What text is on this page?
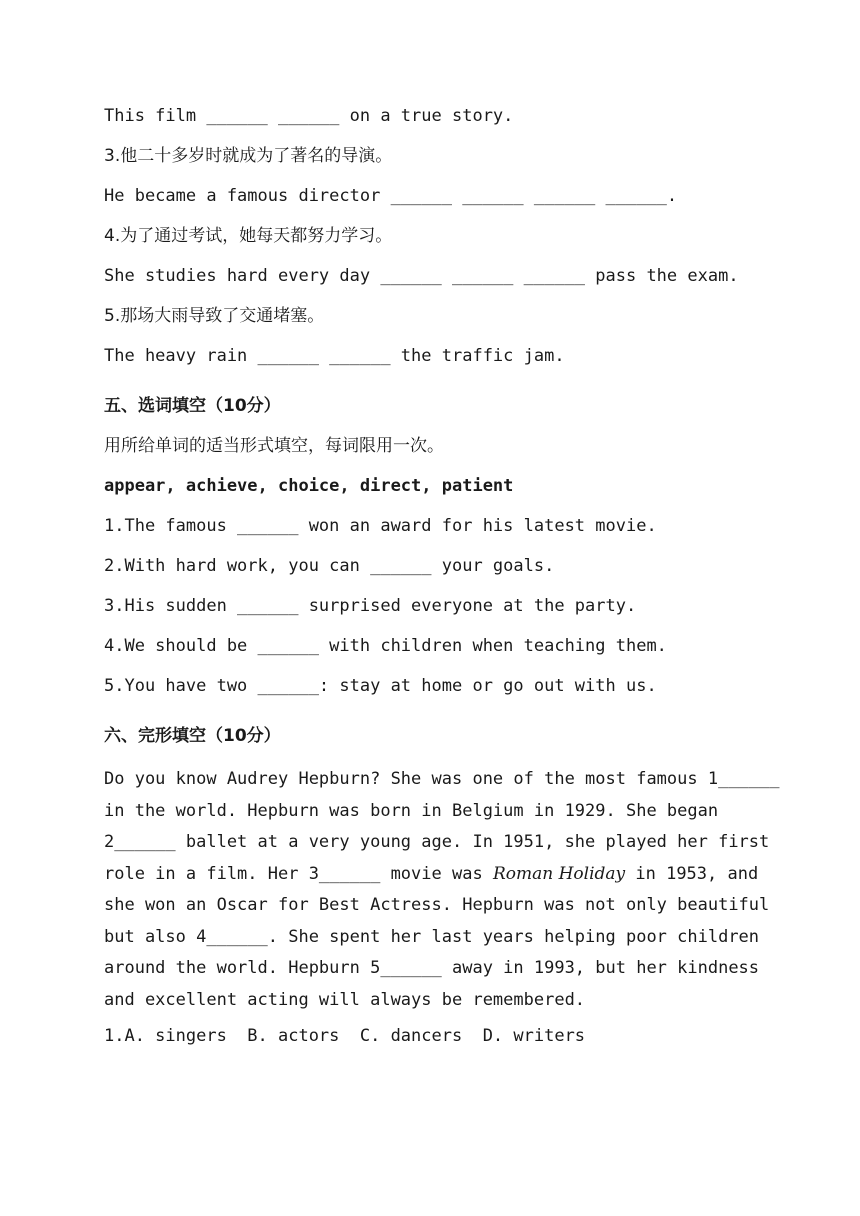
This film ______ ______ on a true story.

3.他二十多岁时就成为了著名的导演。

He became a famous director ______ ______ ______ ______.

4.为了通过考试，她每天都努力学习。

She studies hard every day ______ ______ ______ pass the exam.

5.那场大雨导致了交通堵塞。

The heavy rain ______ ______ the traffic jam.

五、选词填空（10分）

用所给单词的适当形式填空，每词限用一次。

appear, achieve, choice, direct, patient

1.The famous ______ won an award for his latest movie.

2.With hard work, you can ______ your goals.

3.His sudden ______ surprised everyone at the party.

4.We should be ______ with children when teaching them.

5.You have two ______: stay at home or go out with us.

六、完形填空（10分）

Do you know Audrey Hepburn? She was one of the most famous 1______ in the world. Hepburn was born in Belgium in 1929. She began 2______ ballet at a very young age. In 1951, she played her first role in a film. Her 3______ movie was Roman Holiday in 1953, and she won an Oscar for Best Actress. Hepburn was not only beautiful but also 4______. She spent her last years helping poor children around the world. Hepburn 5______ away in 1993, but her kindness and excellent acting will always be remembered.

1.A. singers  B. actors  C. dancers  D. writers
